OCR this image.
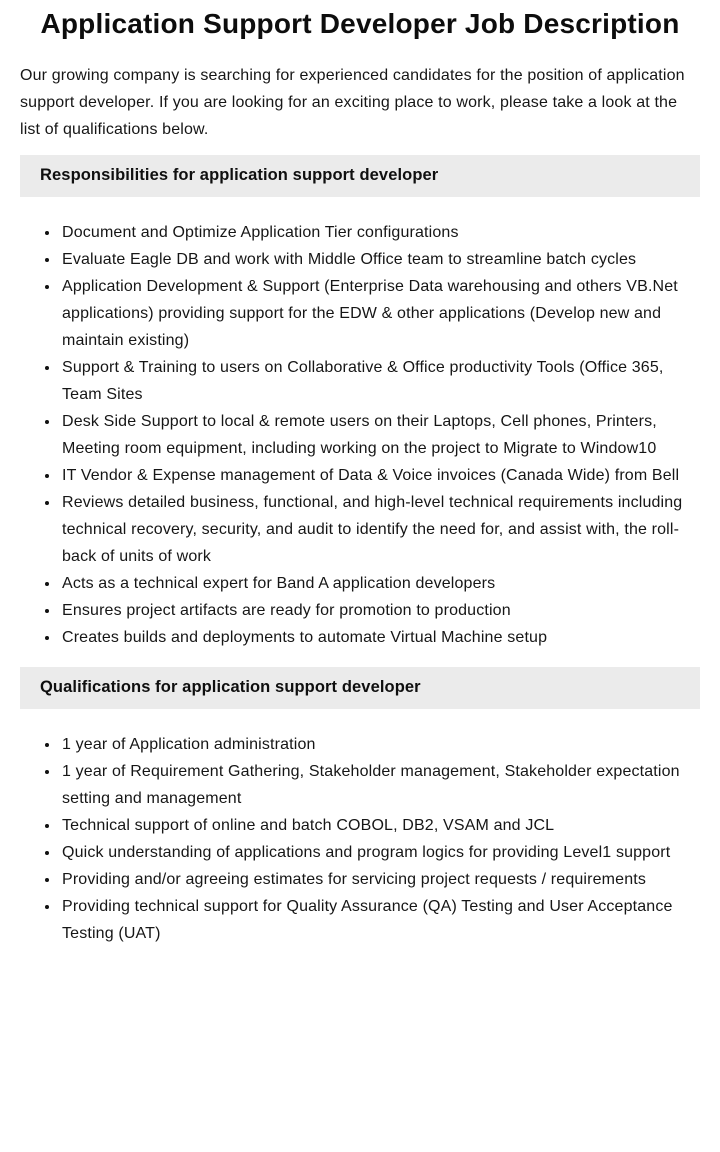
Application Support Developer Job Description

Our growing company is searching for experienced candidates for the position of application support developer. If you are looking for an exciting place to work, please take a look at the list of qualifications below.

Responsibilities for application support developer
• Document and Optimize Application Tier configurations
• Evaluate Eagle DB and work with Middle Office team to streamline batch cycles
• Application Development & Support (Enterprise Data warehousing and others VB.Net applications) providing support for the EDW & other applications (Develop new and maintain existing)
• Support & Training to users on Collaborative & Office productivity Tools (Office 365, Team Sites
• Desk Side Support to local & remote users on their Laptops, Cell phones, Printers, Meeting room equipment, including working on the project to Migrate to Window10
• IT Vendor & Expense management of Data & Voice invoices (Canada Wide) from Bell
• Reviews detailed business, functional, and high-level technical requirements including technical recovery, security, and audit to identify the need for, and assist with, the roll-back of units of work
• Acts as a technical expert for Band A application developers
• Ensures project artifacts are ready for promotion to production
• Creates builds and deployments to automate Virtual Machine setup
Qualifications for application support developer
• 1 year of Application administration
• 1 year of Requirement Gathering, Stakeholder management, Stakeholder expectation setting and management
• Technical support of online and batch COBOL, DB2, VSAM and JCL
• Quick understanding of applications and program logics for providing Level1 support
• Providing and/or agreeing estimates for servicing project requests / requirements
• Providing technical support for Quality Assurance (QA) Testing and User Acceptance Testing (UAT)
